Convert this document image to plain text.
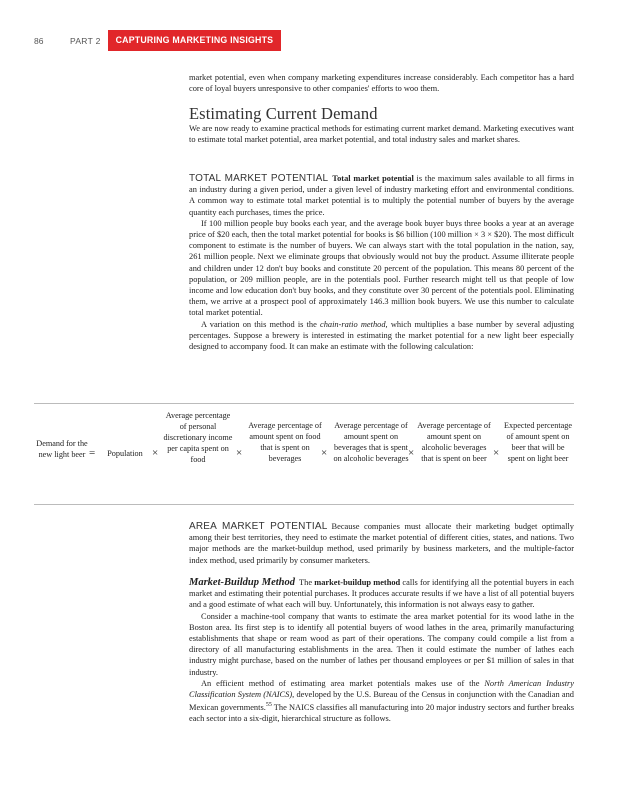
86	PART 2	CAPTURING MARKETING INSIGHTS

market potential, even when company marketing expenditures increase considerably. Each competitor has a hard core of loyal buyers unresponsive to other companies' efforts to woo them.

Estimating Current Demand

We are now ready to examine practical methods for estimating current market demand. Marketing executives want to estimate total market potential, area market potential, and total industry sales and market shares.

TOTAL MARKET POTENTIAL Total market potential is the maximum sales available to all firms in an industry during a given period, under a given level of industry marketing effort and environmental conditions. A common way to estimate total market potential is to multiply the potential number of buyers by the average quantity each purchases, times the price.

If 100 million people buy books each year, and the average book buyer buys three books a year at an average price of $20 each, then the total market potential for books is $6 billion (100 million × 3 × $20). The most difficult component to estimate is the number of buyers. We can always start with the total population in the nation, say, 261 million people. Next we eliminate groups that obviously would not buy the product. Assume illiterate people and children under 12 don't buy books and constitute 20 percent of the population. This means 80 percent of the population, or 209 million people, are in the potentials pool. Further research might tell us that people of low income and low education don't buy books, and they constitute over 30 percent of the potentials pool. Eliminating them, we arrive at a prospect pool of approximately 146.3 million book buyers. We use this number to calculate total market potential.

A variation on this method is the chain-ratio method, which multiplies a base number by several adjusting percentages. Suppose a brewery is interested in estimating the market potential for a new light beer especially designed to accompany food. It can make an estimate with the following calculation:

Demand for the new light beer =	Population ×
Average percentage of personal discretionary income per capita spent on food
×
Average percentage of amount spent on food that is spent on beverages	×
Average percentage of amount spent on beverages that is spent on alcoholic beverages ×
Average percentage of amount spent on alcoholic beverages that is spent on beer ×
Expected percentage of amount spent on beer that will be spent on light beer

AREA MARKET POTENTIAL Because companies must allocate their marketing budget optimally among their best territories, they need to estimate the market potential of different cities, states, and nations. Two major methods are the market-buildup method, used primarily by business marketers, and the multiple-factor index method, used primarily by consumer marketers.

Market-Buildup Method The market-buildup method calls for identifying all the potential buyers in each market and estimating their potential purchases. It produces accurate results if we have a list of all potential buyers and a good estimate of what each will buy. Unfortunately, this information is not always easy to gather.

Consider a machine-tool company that wants to estimate the area market potential for its wood lathe in the Boston area. Its first step is to identify all potential buyers of wood lathes in the area, primarily manufacturing establishments that shape or ream wood as part of their operations. The company could compile a list from a directory of all manufacturing establishments in the area. Then it could estimate the number of lathes each industry might purchase, based on the number of lathes per thousand employees or per $1 million of sales in that industry.

An efficient method of estimating area market potentials makes use of the North American Industry Classification System (NAICS), developed by the U.S. Bureau of the Census in conjunction with the Canadian and Mexican governments.$^{55}$ The NAICS classifies all manufacturing into 20 major industry sectors and further breaks each sector into a six-digit, hierarchical structure as follows.
